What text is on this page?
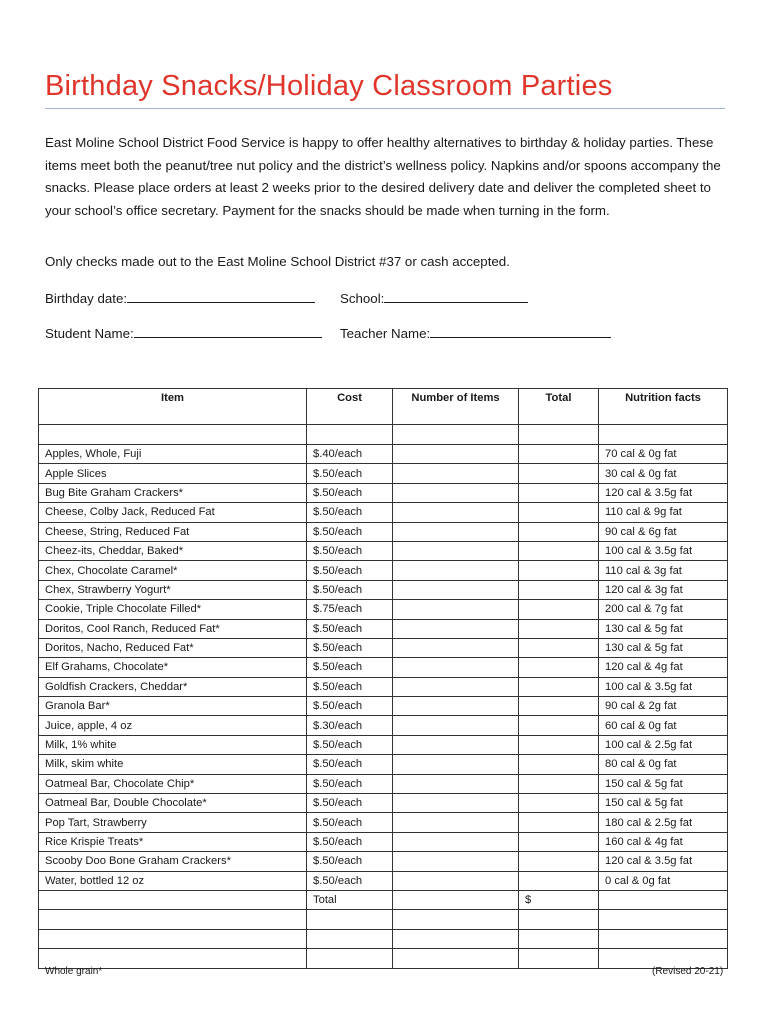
Birthday Snacks/Holiday Classroom Parties

East Moline School District Food Service is happy to offer healthy alternatives to birthday & holiday parties. These items meet both the peanut/tree nut policy and the district’s wellness policy. Napkins and/or spoons accompany the snacks. Please place orders at least 2 weeks prior to the desired delivery date and deliver the completed sheet to your school’s office secretary. Payment for the snacks should be made when turning in the form.

Only checks made out to the East Moline School District #37 or cash accepted.

Birthday date:	School:
Student Name:	Teacher Name:
Item	Cost	Number of Items	Total	Nutrition facts

Apples, Whole, Fuji	$.40/each			70 cal & 0g fat
Apple Slices	$.50/each			30 cal & 0g fat
Bug Bite Graham Crackers*	$.50/each			120 cal & 3.5g fat
Cheese, Colby Jack, Reduced Fat	$.50/each			110 cal & 9g fat
Cheese, String, Reduced Fat	$.50/each			90 cal & 6g fat
Cheez-its, Cheddar, Baked*	$.50/each			100 cal & 3.5g fat
Chex, Chocolate Caramel*	$.50/each			110 cal & 3g fat
Chex, Strawberry Yogurt*	$.50/each			120 cal & 3g fat
Cookie, Triple Chocolate Filled*	$.75/each			200 cal & 7g fat
Doritos, Cool Ranch, Reduced Fat*	$.50/each			130 cal & 5g fat
Doritos, Nacho, Reduced Fat*	$.50/each			130 cal & 5g fat
Elf Grahams, Chocolate*	$.50/each			120 cal & 4g fat
Goldfish Crackers, Cheddar*	$.50/each			100 cal & 3.5g fat
Granola Bar*	$.50/each			90 cal & 2g fat
Juice, apple, 4 oz	$.30/each			60 cal & 0g fat
Milk, 1% white	$.50/each			100 cal & 2.5g fat
Milk, skim white	$.50/each			80 cal & 0g fat
Oatmeal Bar, Chocolate Chip*	$.50/each			150 cal & 5g fat
Oatmeal Bar, Double Chocolate*	$.50/each			150 cal & 5g fat
Pop Tart, Strawberry	$.50/each			180 cal & 2.5g fat
Rice Krispie Treats*	$.50/each			160 cal & 4g fat
Scooby Doo Bone Graham Crackers*	$.50/each			120 cal & 3.5g fat
Water, bottled 12 oz	$.50/each			0 cal & 0g fat
	Total		$	

Whole grain*	(Revised 20-21)
